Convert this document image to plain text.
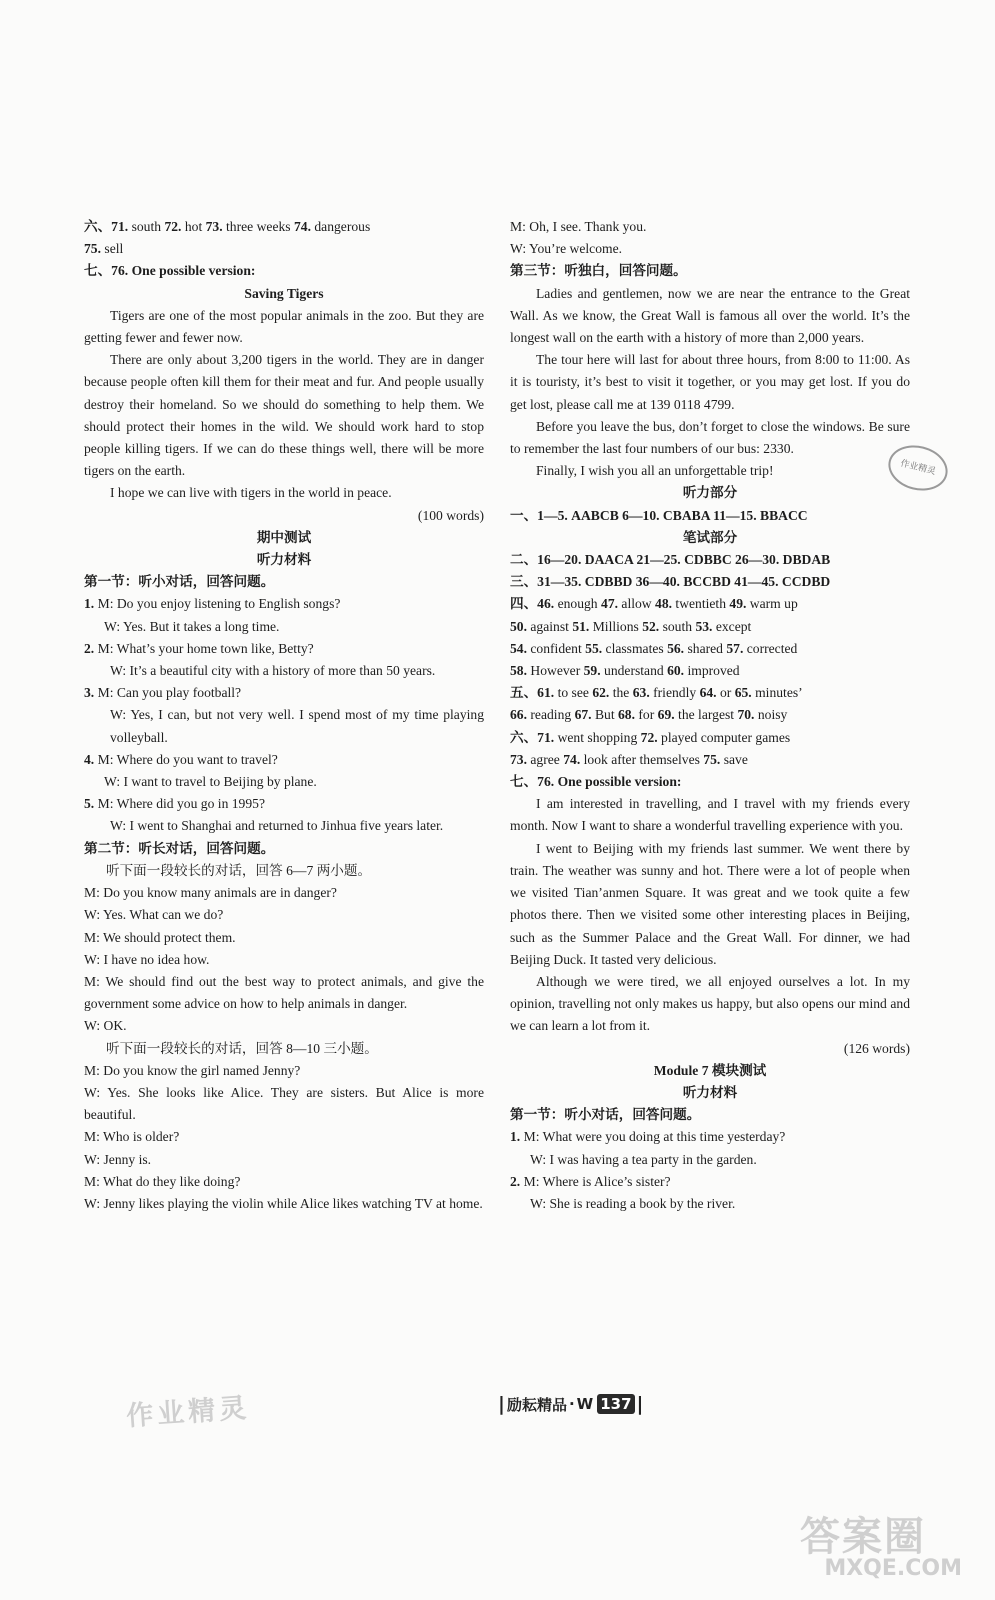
六、71. south 72. hot 73. three weeks 74. dangerous
75. sell
七、76. One possible version:
Saving Tigers
Tigers are one of the most popular animals in the zoo. But they are getting fewer and fewer now.
There are only about 3,200 tigers in the world. They are in danger because people often kill them for their meat and fur. And people usually destroy their homeland. So we should do something to help them. We should protect their homes in the wild. We should work hard to stop people killing tigers. If we can do these things well, there will be more tigers on the earth.
I hope we can live with tigers in the world in peace.
(100 words)
期中测试
听力材料
第一节：听小对话，回答问题。
1. M: Do you enjoy listening to English songs?
W: Yes. But it takes a long time.
2. M: What’s your home town like, Betty?
W: It’s a beautiful city with a history of more than 50 years.
3. M: Can you play football?
W: Yes, I can, but not very well. I spend most of my time playing volleyball.
4. M: Where do you want to travel?
W: I want to travel to Beijing by plane.
5. M: Where did you go in 1995?
W: I went to Shanghai and returned to Jinhua five years later.
第二节：听长对话，回答问题。
听下面一段较长的对话，回答 6—7 两小题。
M: Do you know many animals are in danger?
W: Yes. What can we do?
M: We should protect them.
W: I have no idea how.
M: We should find out the best way to protect animals, and give the government some advice on how to help animals in danger.
W: OK.
听下面一段较长的对话，回答 8—10 三小题。
M: Do you know the girl named Jenny?
W: Yes. She looks like Alice. They are sisters. But Alice is more beautiful.
M: Who is older?
W: Jenny is.
M: What do they like doing?
W: Jenny likes playing the violin while Alice likes watching TV at home.
M: Oh, I see. Thank you.
W: You’re welcome.
第三节：听独白，回答问题。
Ladies and gentlemen, now we are near the entrance to the Great Wall. As we know, the Great Wall is famous all over the world. It’s the longest wall on the earth with a history of more than 2,000 years.
The tour here will last for about three hours, from 8:00 to 11:00. As it is touristy, it’s best to visit it together, or you may get lost. If you do get lost, please call me at 139 0118 4799.
Before you leave the bus, don’t forget to close the windows. Be sure to remember the last four numbers of our bus: 2330.
Finally, I wish you all an unforgettable trip!
听力部分
一、1—5. AABCB 6—10. CBABA 11—15. BBACC
笔试部分
二、16—20. DAACA 21—25. CDBBC 26—30. DBDAB
三、31—35. CDBBD 36—40. BCCBD 41—45. CCDBD
四、46. enough 47. allow 48. twentieth 49. warm up
50. against 51. Millions 52. south 53. except
54. confident 55. classmates 56. shared 57. corrected
58. However 59. understand 60. improved
五、61. to see 62. the 63. friendly 64. or 65. minutes’
66. reading 67. But 68. for 69. the largest 70. noisy
六、71. went shopping 72. played computer games
73. agree 74. look after themselves 75. save
七、76. One possible version:
I am interested in travelling, and I travel with my friends every month. Now I want to share a wonderful travelling experience with you.
I went to Beijing with my friends last summer. We went there by train. The weather was sunny and hot. There were a lot of people when we visited Tian’anmen Square. It was great and we took quite a few photos there. Then we visited some other interesting places in Beijing, such as the Summer Palace and the Great Wall. For dinner, we had Beijing Duck. It tasted very delicious.
Although we were tired, we all enjoyed ourselves a lot. In my opinion, travelling not only makes us happy, but also opens our mind and we can learn a lot from it.
(126 words)
Module 7 模块测试
听力材料
第一节：听小对话，回答问题。
1. M: What were you doing at this time yesterday?
W: I was having a tea party in the garden.
2. M: Where is Alice’s sister?
W: She is reading a book by the river.
| 励耘精品 · W 137 |
作业精灵
作业精灵
答案圈
MXQE.COM
